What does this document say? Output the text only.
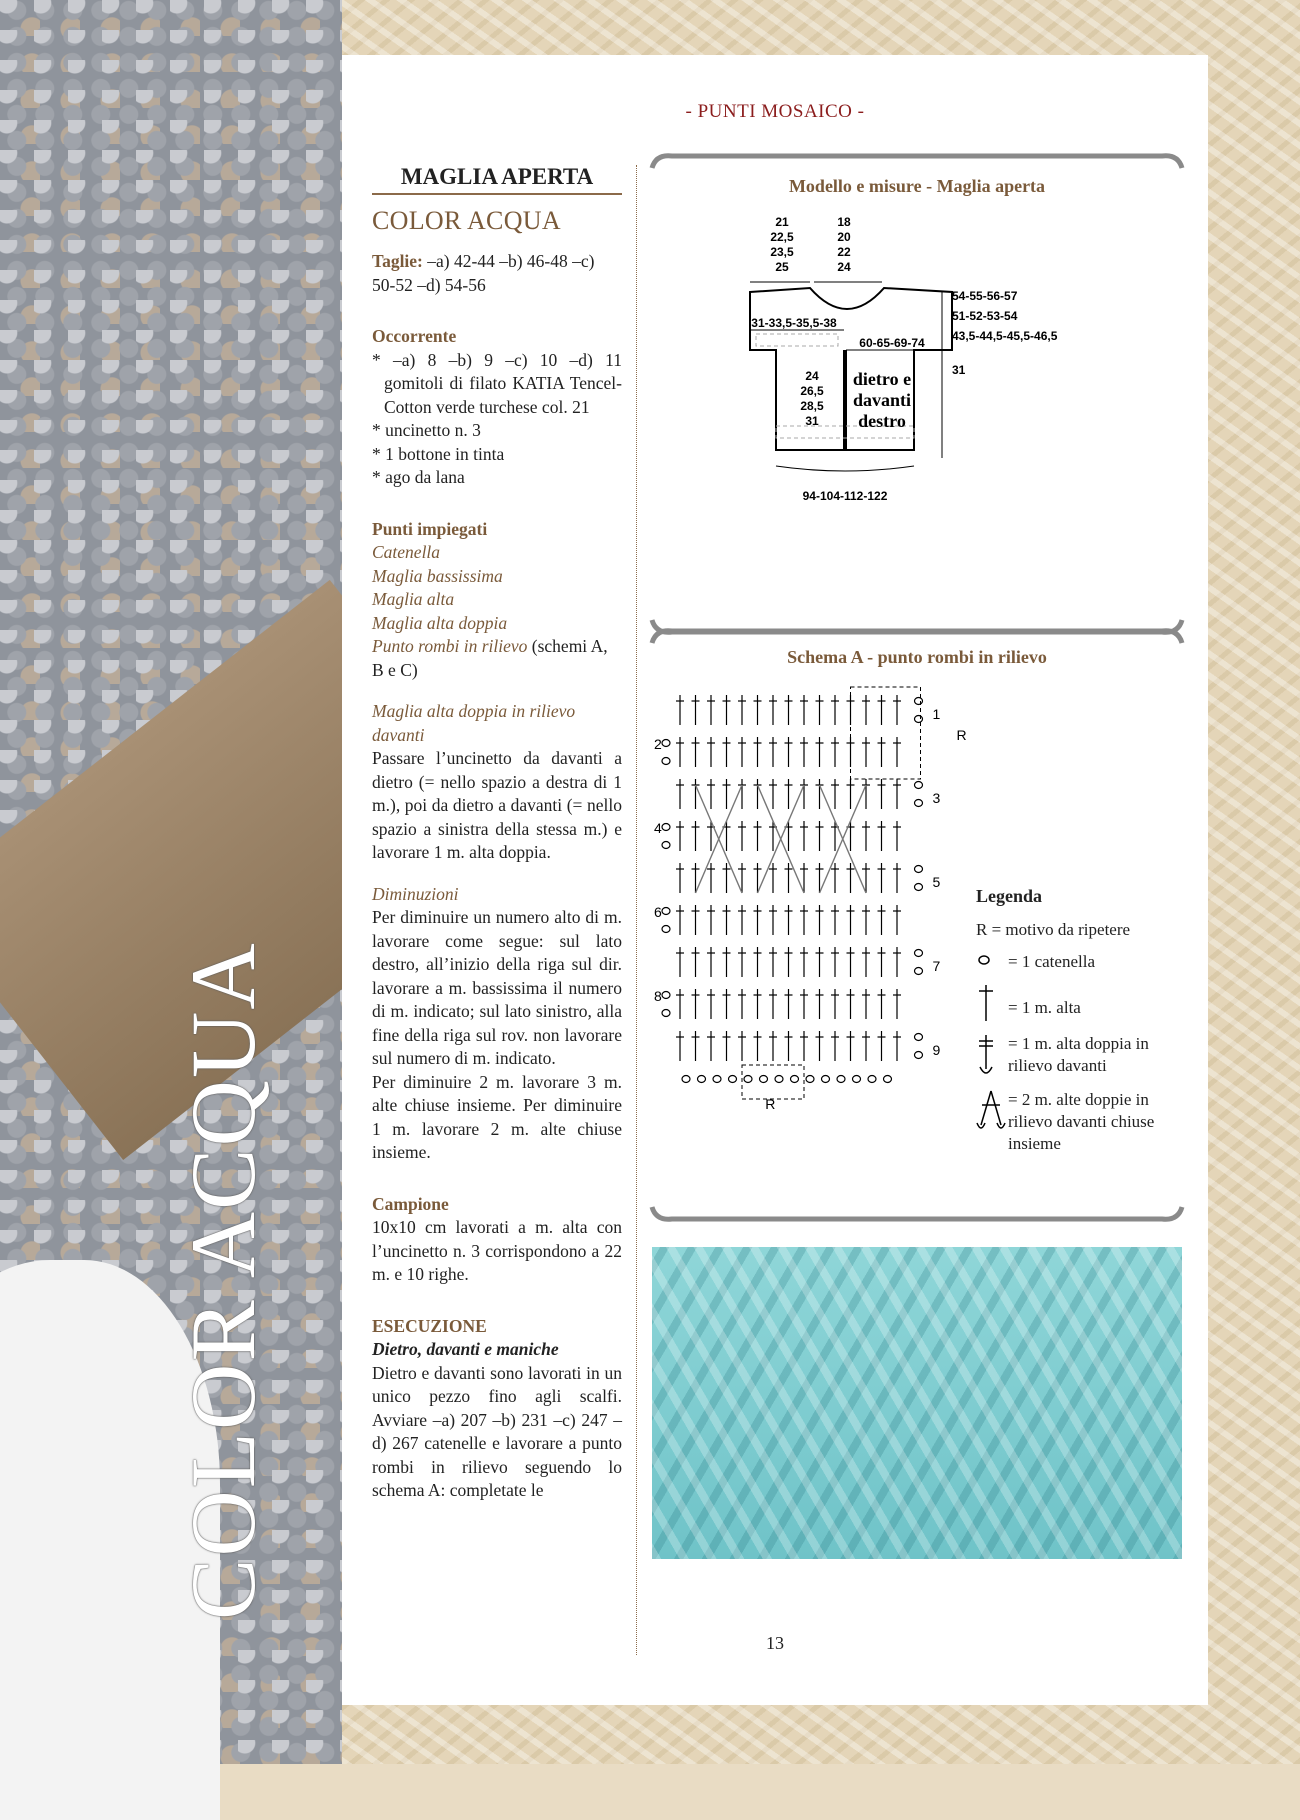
COLOR ACQUA
- PUNTI MOSAICO -
MAGLIA APERTA
COLOR ACQUA

Taglie: –a) 42-44 –b) 46-48 –c) 50-52 –d) 54-56

Occorrente

* –a) 8 –b) 9 –c) 10 –d) 11 gomitoli di filato KATIA Tencel-Cotton verde turchese col. 21

* uncinetto n. 3

* 1 bottone in tinta

* ago da lana

Punti impiegati

Catenella

Maglia bassissima

Maglia alta

Maglia alta doppia

Punto rombi in rilievo (schemi A, B e C)

Maglia alta doppia in rilievo davanti

Passare l’uncinetto da davanti a dietro (= nello spazio a destra di 1 m.), poi da dietro a davanti (= nello spazio a sinistra della stessa m.) e lavorare 1 m. alta doppia.

Diminuzioni

Per diminuire un numero alto di m. lavorare come segue: sul lato destro, all’inizio della riga sul dir. lavorare a m. bassissima il numero di m. indicato; sul lato sinistro, alla fine della riga sul rov. non lavorare sul numero di m. indicato.

Per diminuire 2 m. lavorare 3 m. alte chiuse insieme. Per diminuire 1 m. lavorare 2 m. alte chiuse insieme.

Campione

10x10 cm lavorati a m. alta con l’uncinetto n. 3 corrispondono a 22 m. e 10 righe.

ESECUZIONE

Dietro, davanti e maniche

Dietro e davanti sono lavorati in un unico pezzo fino agli scalfi. Avviare –a) 207 –b) 231 –c) 247 –d) 267 catenelle e lavorare a punto rombi in rilievo seguendo lo schema A: completate le

Modello e misure - Maglia aperta
21
22,5
23,5
25
18
20
22
24
31-33,5-35,5-38
60-65-69-74
24
26,5
28,5
31
dietro e
davanti
destro
54-55-56-57
51-52-53-54
43,5-44,5-45,5-46,5
31
94-104-112-122
Schema A - punto rombi in rilievo
9
7
5
3
1
8
6
4
2
R
R
Legenda
R = motivo da ripetere
= 1 catenella
= 1 m. alta
= 1 m. alta doppia in rilievo davanti
= 2 m. alte doppie in rilievo davanti chiuse insieme
13
